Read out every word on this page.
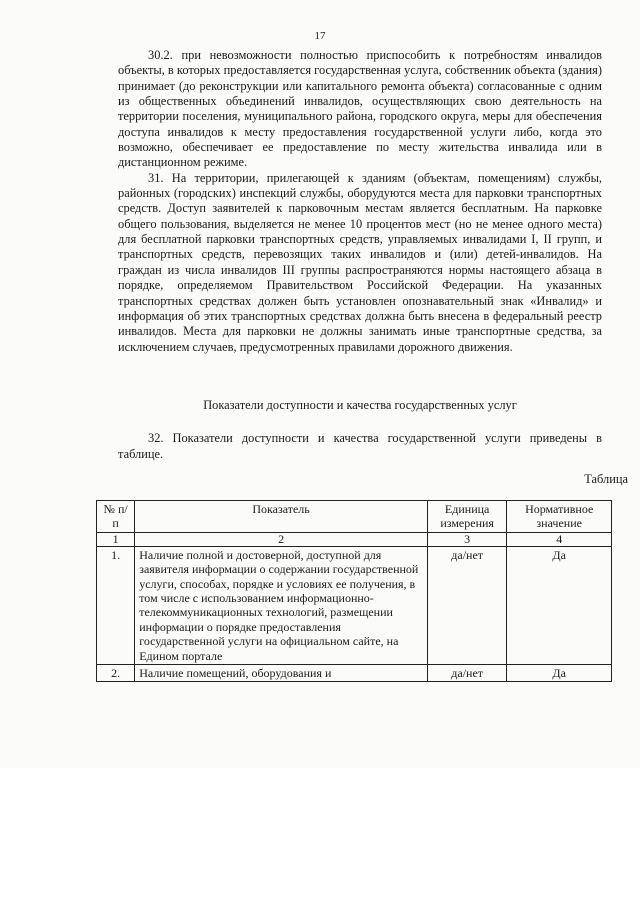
17

30.2. при невозможности полностью приспособить к потребностям инвалидов объекты, в которых предоставляется государственная услуга, собственник объекта (здания) принимает (до реконструкции или капитального ремонта объекта) согласованные с одним из общественных объединений инвалидов, осуществляющих свою деятельность на территории поселения, муниципального района, городского округа, меры для обеспечения доступа инвалидов к месту предоставления государственной услуги либо, когда это возможно, обеспечивает ее предоставление по месту жительства инвалида или в дистанционном режиме.

31. На территории, прилегающей к зданиям (объектам, помещениям) службы, районных (городских) инспекций службы, оборудуются места для парковки транспортных средств. Доступ заявителей к парковочным местам является бесплатным. На парковке общего пользования, выделяется не менее 10 процентов мест (но не менее одного места) для бесплатной парковки транспортных средств, управляемых инвалидами I, II групп, и транспортных средств, перевозящих таких инвалидов и (или) детей-инвалидов. На граждан из числа инвалидов III группы распространяются нормы настоящего абзаца в порядке, определяемом Правительством Российской Федерации. На указанных транспортных средствах должен быть установлен опознавательный знак «Инвалид» и информация об этих транспортных средствах должна быть внесена в федеральный реестр инвалидов. Места для парковки не должны занимать иные транспортные средства, за исключением случаев, предусмотренных правилами дорожного движения.

Показатели доступности и качества государственных услуг

32. Показатели доступности и качества государственной услуги приведены в таблице.

Таблица
№ п/п	Показатель	Единица измерения	Нормативное значение
1	2	3	4
1.	Наличие полной и достоверной, доступной для заявителя информации о содержании государственной услуги, способах, порядке и условиях ее получения, в том числе с использованием информационно-телекоммуникационных технологий, размещении информации о порядке предоставления государственной услуги на официальном сайте, на Едином портале	да/нет	Да
2.	Наличие помещений, оборудования и	да/нет	Да
